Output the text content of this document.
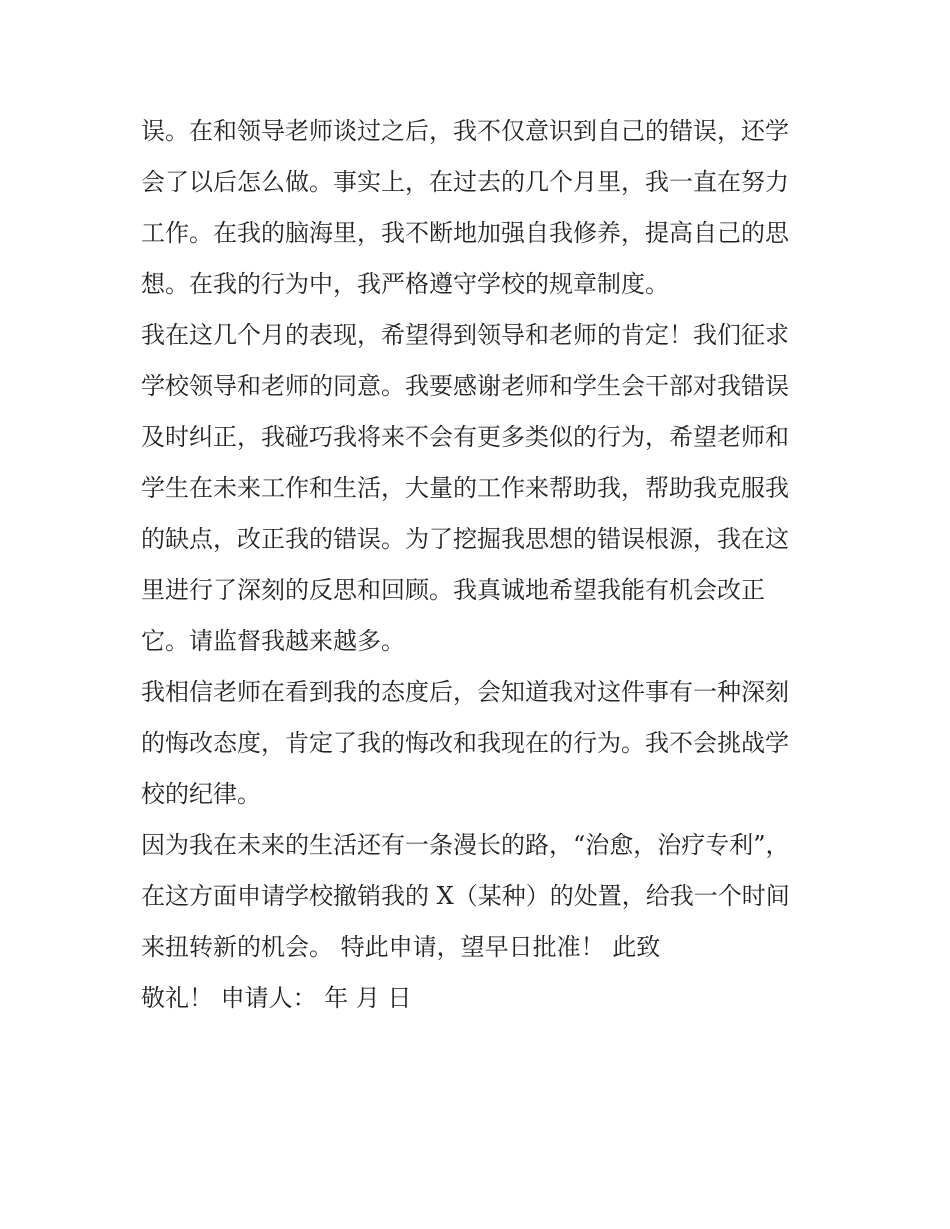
误。在和领导老师谈过之后，我不仅意识到自己的错误，还学
会了以后怎么做。事实上，在过去的几个月里，我一直在努力
工作。在我的脑海里，我不断地加强自我修养，提高自己的思
想。在我的行为中，我严格遵守学校的规章制度。

我在这几个月的表现，希望得到领导和老师的肯定！我们征求
学校领导和老师的同意。我要感谢老师和学生会干部对我错误
及时纠正，我碰巧我将来不会有更多类似的行为，希望老师和
学生在未来工作和生活，大量的工作来帮助我，帮助我克服我
的缺点，改正我的错误。为了挖掘我思想的错误根源，我在这
里进行了深刻的反思和回顾。我真诚地希望我能有机会改正
它。请监督我越来越多。

我相信老师在看到我的态度后，会知道我对这件事有一种深刻
的悔改态度，肯定了我的悔改和我现在的行为。我不会挑战学
校的纪律。

因为我在未来的生活还有一条漫长的路，“治愈，治疗专利”，
在这方面申请学校撤销我的 X（某种）的处置，给我一个时间
来扭转新的机会。 特此申请，望早日批准！ 此致

敬礼！ 申请人： 年 月 日
